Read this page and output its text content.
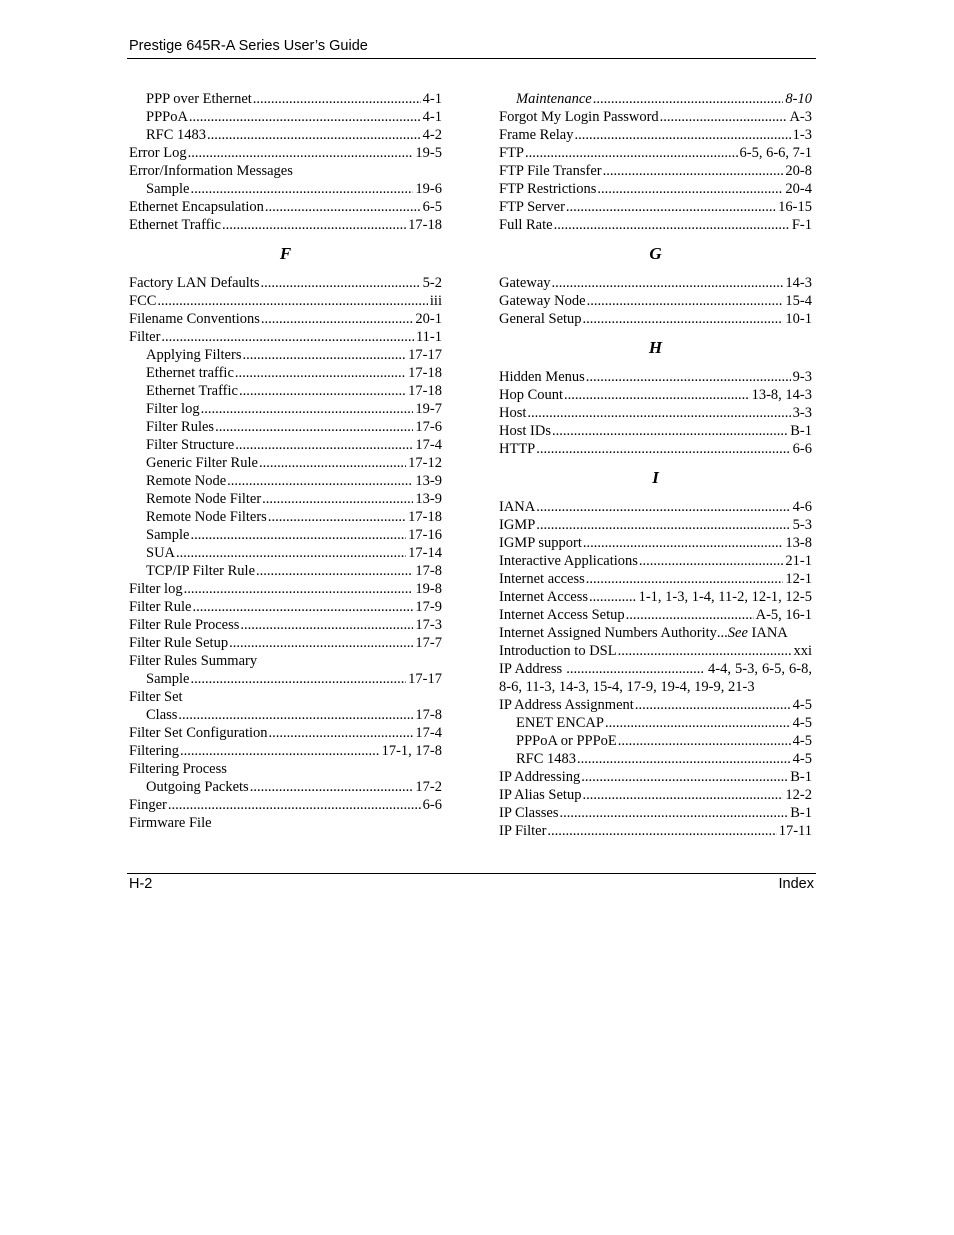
Prestige 645R-A Series User’s Guide
PPP over Ethernet .....	4-1
PPPoA .....	4-1
RFC 1483 .....	4-2
Error Log .....	19-5
Error/Information Messages
Sample .....	19-6
Ethernet Encapsulation .....	6-5
Ethernet Traffic .....	17-18
F
Factory LAN Defaults .....	5-2
FCC .....	iii
Filename Conventions .....	20-1
Filter .....	11-1
Applying Filters .....	17-17
Ethernet traffic .....	17-18
Ethernet Traffic .....	17-18
Filter log .....	19-7
Filter Rules .....	17-6
Filter Structure .....	17-4
Generic Filter Rule .....	17-12
Remote Node .....	13-9
Remote Node Filter .....	13-9
Remote Node Filters .....	17-18
Sample .....	17-16
SUA .....	17-14
TCP/IP Filter Rule .....	17-8
Filter log .....	19-8
Filter Rule .....	17-9
Filter Rule Process .....	17-3
Filter Rule Setup .....	17-7
Filter Rules Summary
Sample .....	17-17
Filter Set
Class .....	17-8
Filter Set Configuration .....	17-4
Filtering .....	17-1, 17-8
Filtering Process
Outgoing Packets .....	17-2
Finger .....	6-6
Firmware File
Maintenance .....	8-10
Forgot My Login Password .....	A-3
Frame Relay .....	1-3
FTP .....	6-5, 6-6, 7-1
FTP File Transfer .....	20-8
FTP Restrictions .....	20-4
FTP Server .....	16-15
Full Rate .....	F-1
G
Gateway .....	14-3
Gateway Node .....	15-4
General Setup .....	10-1
H
Hidden Menus .....	9-3
Hop Count .....	13-8, 14-3
Host .....	3-3
Host IDs .....	B-1
HTTP .....	6-6
I
IANA .....	4-6
IGMP .....	5-3
IGMP support .....	13-8
Interactive Applications .....	21-1
Internet access .....	12-1
Internet Access .....	1-1, 1-3, 1-4, 11-2, 12-1, 12-5
Internet Access Setup .....	A-5, 16-1
Internet Assigned Numbers Authority ... See
IANA
Introduction to DSL .....	xxi
IP Address ...................................... 4-4, 5-3, 6-5, 6-8, 8-6, 11-3, 14-3, 15-4, 17-9, 19-4, 19-9, 21-3
IP Address Assignment .....	4-5
ENET ENCAP .....	4-5
PPPoA or PPPoE .....	4-5
RFC 1483 .....	4-5
IP Addressing .....	B-1
IP Alias Setup .....	12-2
IP Classes .....	B-1
IP Filter .....	17-11
H-2	Index
